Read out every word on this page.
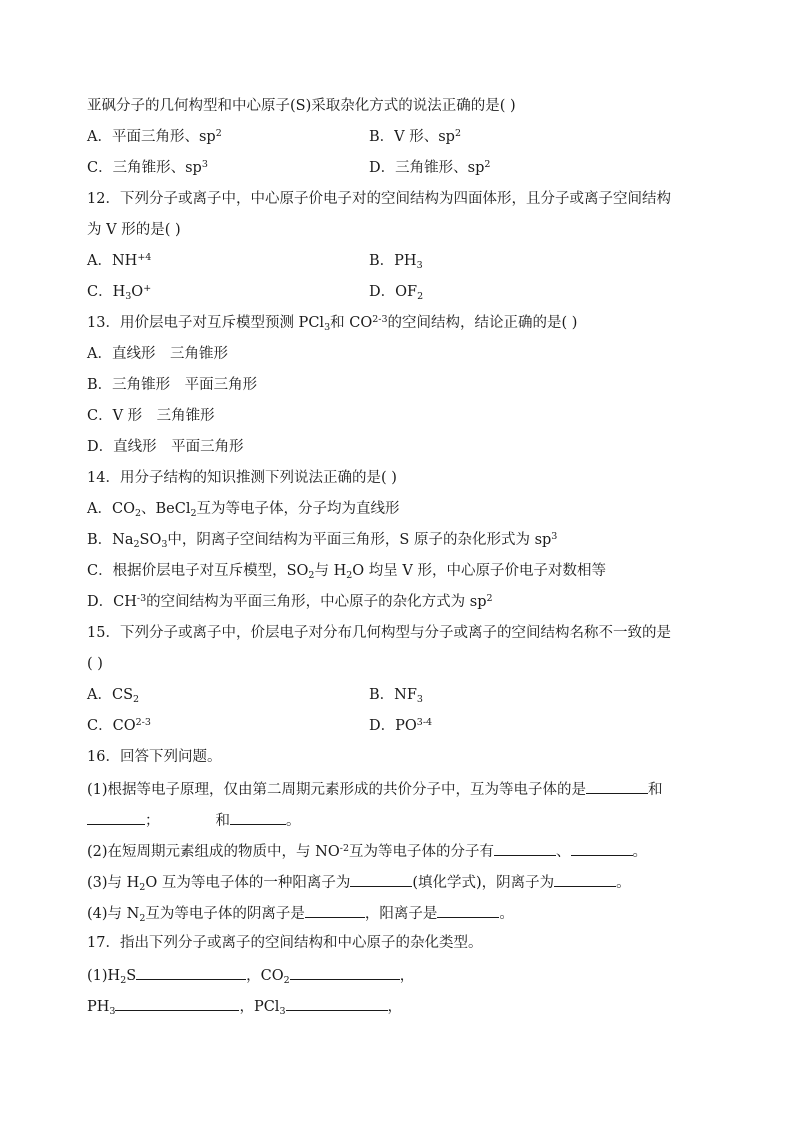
亚砜分子的几何构型和中心原子(S)采取杂化方式的说法正确的是( )
A．平面三角形、$sp^2$	B．V 形、$sp^2$
C．三角锥形、$sp^3$	D．三角锥形、$sp^2$
12．下列分子或离子中，中心原子价电子对的空间结构为四面体形，且分子或离子空间结构
为 V 形的是( )
A．$NH^{+4}$	B．$PH_3$
C．$H_3O^+$	D．$OF_2$
13．用价层电子对互斥模型预测 PCl$_3$和 CO$^{2-3}$的空间结构，结论正确的是( )
A．直线形　三角锥形
B．三角锥形　平面三角形
C．V 形　三角锥形
D．直线形　平面三角形
14．用分子结构的知识推测下列说法正确的是( )
A．$CO_2$、BeCl$_2$互为等电子体，分子均为直线形
B．$Na_2SO_3$中，阴离子空间结构为平面三角形，S 原子的杂化形式为 $sp^3$
C．根据价层电子对互斥模型，$SO_2$与 $H_2O$ 均呈 V 形，中心原子价电子对数相等
D．$CH^{-3}$的空间结构为平面三角形，中心原子的杂化方式为 $sp^2$
15．下列分子或离子中，价层电子对分布几何构型与分子或离子的空间结构名称不一致的是
( )
A．$CS_2$	B．$NF_3$
C．CO$^{2-3}$	D．PO$^{3-4}$
16．回答下列问题。
(1)根据等电子原理，仅由第二周期元素形成的共价分子中，互为等电子体的是	和
；	和	。
(2)在短周期元素组成的物质中，与 $NO^{-2}$互为等电子体的分子有	、	。
(3)与 $H_2O$ 互为等电子体的一种阳离子为	(填化学式)，阴离子为	。
(4)与 $N_2$互为等电子体的阴离子是	，阳离子是	。
17．指出下列分子或离子的空间结构和中心原子的杂化类型。
$(1)H_2S$	，$CO_2$	，
$PH_3$	，PCl$_3$	，
